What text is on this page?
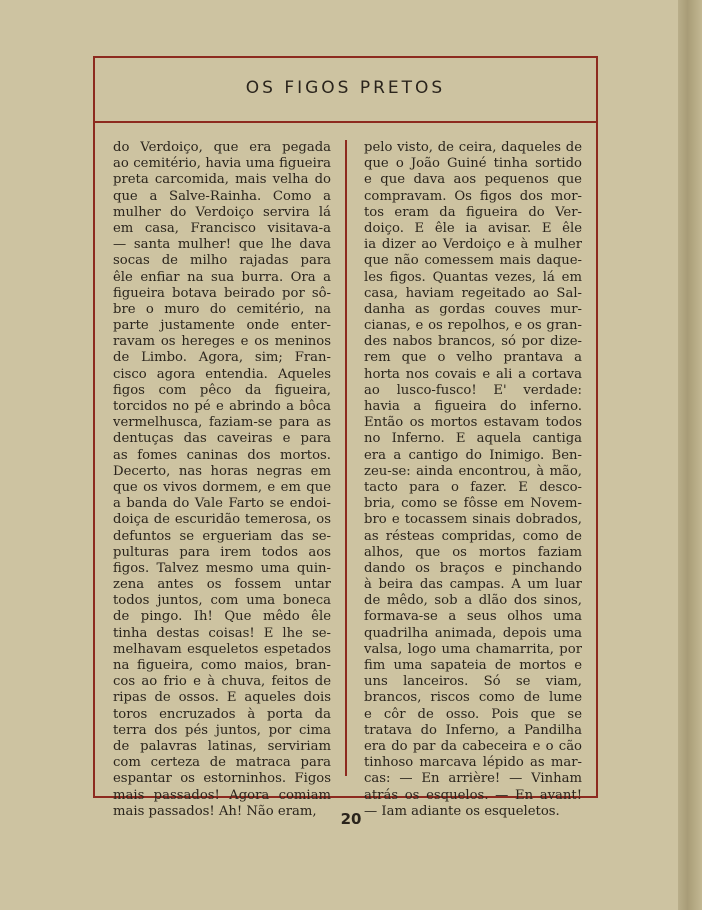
OS FIGOS PRETOS
do Verdoiço, que era pegada
ao cemitério, havia uma figueira
preta carcomida, mais velha do
que a Salve-Rainha. Como a
mulher do Verdoiço servira lá
em casa, Francisco visitava-a
— santa mulher! que lhe dava
socas de milho rajadas para
êle enfiar na sua burra. Ora a
figueira botava beirado por sô-
bre o muro do cemitério, na
parte justamente onde enter-
ravam os hereges e os meninos
de Limbo. Agora, sim; Fran-
cisco agora entendia. Aqueles
figos com pêco da figueira,
torcidos no pé e abrindo a bôca
vermelhusca, faziam-se para as
dentuças das caveiras e para
as fomes caninas dos mortos.
Decerto, nas horas negras em
que os vivos dormem, e em que
a banda do Vale Farto se endoi-
doiça de escuridão temerosa, os
defuntos se ergueriam das se-
pulturas para irem todos aos
figos. Talvez mesmo uma quin-
zena antes os fossem untar
todos juntos, com uma boneca
de pingo. Ih! Que mêdo êle
tinha destas coisas! E lhe se-
melhavam esqueletos espetados
na figueira, como maios, bran-
cos ao frio e à chuva, feitos de
ripas de ossos. E aqueles dois
toros encruzados à porta da
terra dos pés juntos, por cima
de palavras latinas, serviriam
com certeza de matraca para
espantar os estorninhos. Figos
mais passados! Agora comiam
mais passados! Ah! Não eram,
pelo visto, de ceira, daqueles de
que o João Guiné tinha sortido
e que dava aos pequenos que
compravam. Os figos dos mor-
tos eram da figueira do Ver-
doiço. E êle ia avisar. E êle
ia dizer ao Verdoiço e à mulher
que não comessem mais daque-
les figos. Quantas vezes, lá em
casa, haviam regeitado ao Sal-
danha as gordas couves mur-
cianas, e os repolhos, e os gran-
des nabos brancos, só por dize-
rem que o velho prantava a
horta nos covais e ali a cortava
ao lusco-fusco! E' verdade:
havia a figueira do inferno.
Então os mortos estavam todos
no Inferno. E aquela cantiga
era a cantigo do Inimigo. Ben-
zeu-se: ainda encontrou, à mão,
tacto para o fazer. E desco-
bria, como se fôsse em Novem-
bro e tocassem sinais dobrados,
as résteas compridas, como de
alhos, que os mortos faziam
dando os braços e pinchando
à beira das campas. A um luar
de mêdo, sob a dlão dos sinos,
formava-se a seus olhos uma
quadrilha animada, depois uma
valsa, logo uma chamarrita, por
fim uma sapateia de mortos e
uns lanceiros. Só se viam,
brancos, riscos como de lume
e côr de osso. Pois que se
tratava do Inferno, a Pandilha
era do par da cabeceira e o cão
tinhoso marcava lépido as mar-
cas: — En arrière! — Vinham
atrás os esquelos. — En avant!
— Iam adiante os esqueletos.
20
